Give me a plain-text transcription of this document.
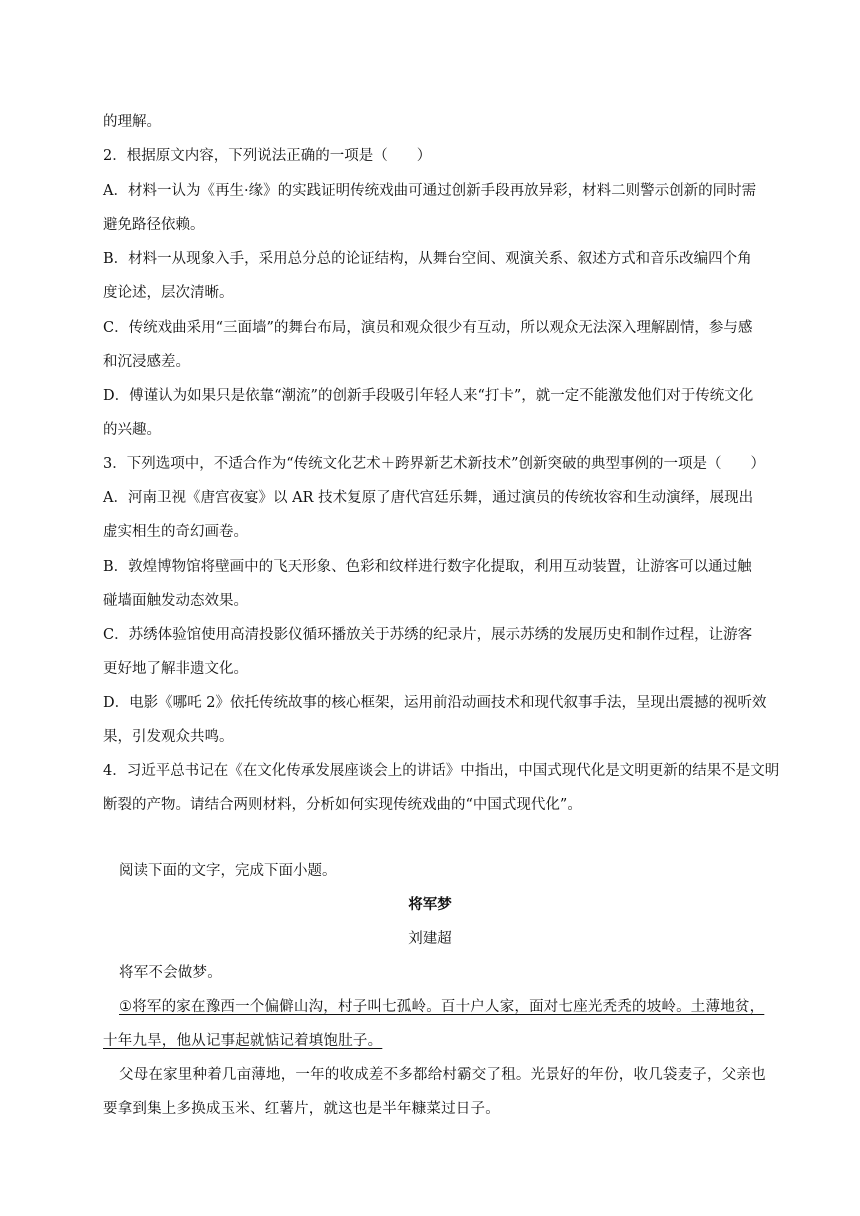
的理解。
2．根据原文内容，下列说法正确的一项是（　　）
A．材料一认为《再生·缘》的实践证明传统戏曲可通过创新手段再放异彩，材料二则警示创新的同时需
避免路径依赖。
B．材料一从现象入手，采用总分总的论证结构，从舞台空间、观演关系、叙述方式和音乐改编四个角
度论述，层次清晰。
C．传统戏曲采用“三面墙”的舞台布局，演员和观众很少有互动，所以观众无法深入理解剧情，参与感
和沉浸感差。
D．傅谨认为如果只是依靠“潮流”的创新手段吸引年轻人来“打卡”，就一定不能激发他们对于传统文化
的兴趣。
3．下列选项中，不适合作为“传统文化艺术＋跨界新艺术新技术”创新突破的典型事例的一项是（　　）
A．河南卫视《唐宫夜宴》以 AR 技术复原了唐代宫廷乐舞，通过演员的传统妆容和生动演绎，展现出
虚实相生的奇幻画卷。
B．敦煌博物馆将壁画中的飞天形象、色彩和纹样进行数字化提取，利用互动装置，让游客可以通过触
碰墙面触发动态效果。
C．苏绣体验馆使用高清投影仪循环播放关于苏绣的纪录片，展示苏绣的发展历史和制作过程，让游客
更好地了解非遗文化。
D．电影《哪吒 2》依托传统故事的核心框架，运用前沿动画技术和现代叙事手法，呈现出震撼的视听效
果，引发观众共鸣。
4．习近平总书记在《在文化传承发展座谈会上的讲话》中指出，中国式现代化是文明更新的结果不是文明
断裂的产物。请结合两则材料，分析如何实现传统戏曲的“中国式现代化”。
阅读下面的文字，完成下面小题。
将军梦
刘建超
将军不会做梦。
①将军的家在豫西一个偏僻山沟，村子叫七孤岭。百十户人家，面对七座光秃秃的坡岭。土薄地贫，
十年九旱，他从记事起就惦记着填饱肚子。
父母在家里种着几亩薄地，一年的收成差不多都给村霸交了租。光景好的年份，收几袋麦子，父亲也
要拿到集上多换成玉米、红薯片，就这也是半年糠菜过日子。
